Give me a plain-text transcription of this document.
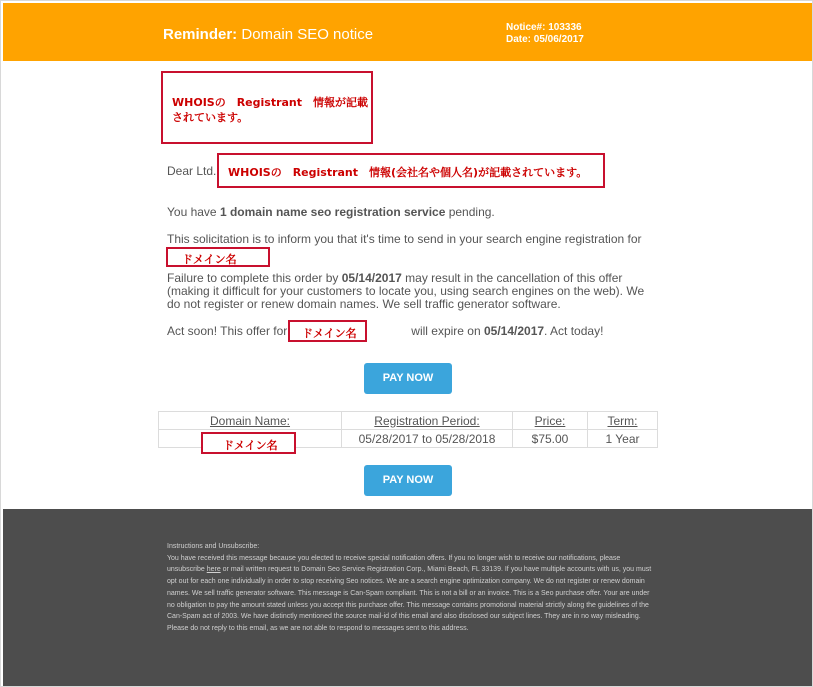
Reminder: Domain SEO notice	Notice#: 103336
Date: 05/06/2017
WHOISの　Registrant　情報が記載
されています。
Dear Ltd.	WHOISの　Registrant　情報(会社名や個人名)が記載されています。
You have 1 domain name seo registration service pending.
This solicitation is to inform you that it's time to send in your search engine registration for
ドメイン名
Failure to complete this order by 05/14/2017 may result in the cancellation of this offer (making it difficult for your customers to locate you, using search engines on the web). We do not register or renew domain names. We sell traffic generator software.
Act soon! This offer for	will expire on 05/14/2017. Act today!
ドメイン名
PAY NOW
Domain Name:	Registration Period:	Price:	Term:
	05/28/2017 to 05/28/2018	$75.00	1 Year
ドメイン名
PAY NOW
Instructions and Unsubscribe:
You have received this message because you elected to receive special notification offers. If you no longer wish to receive our notifications, please unsubscribe here or mail written request to Domain Seo Service Registration Corp., Miami Beach, FL 33139. If you have multiple accounts with us, you must opt out for each one individually in order to stop receiving Seo notices. We are a search engine optimization company. We do not register or renew domain names. We sell traffic generator software. This message is Can-Spam compliant. This is not a bill or an invoice. This is a Seo purchase offer. Your are under no obligation to pay the amount stated unless you accept this purchase offer. This message contains promotional material strictly along the guidelines of the Can-Spam act of 2003. We have distinctly mentioned the source mail-id of this email and also disclosed our subject lines. They are in no way misleading. Please do not reply to this email, as we are not able to respond to messages sent to this address.
